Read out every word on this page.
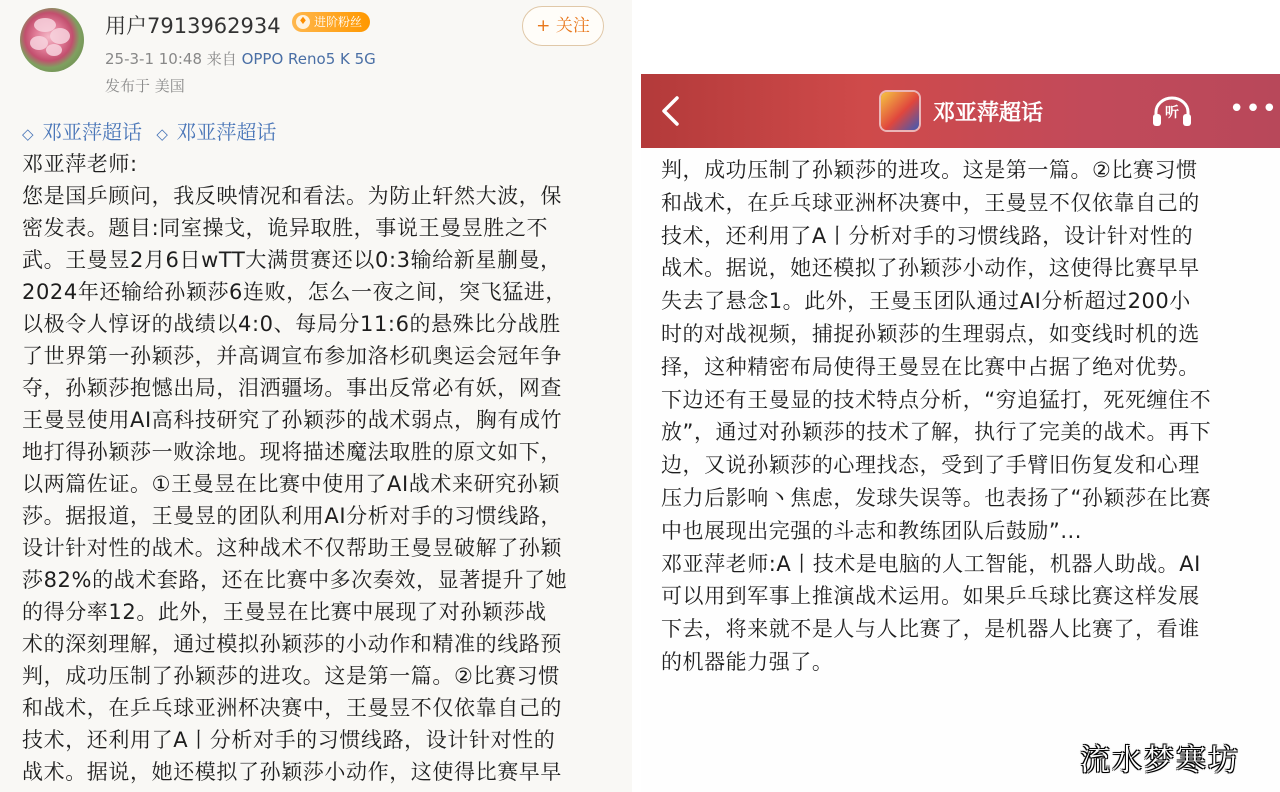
用户7913962934 ♦ 进阶粉丝	+ 关注
25-3-1 10:48 来自 OPPO Reno5 K 5G
发布于 美国
◇ 邓亚萍超话 ◇ 邓亚萍超话
邓亚萍老师:
您是国乒顾问，我反映情况和看法。为防止轩然大波，保
密发表。题目:同室操戈，诡异取胜，事说王曼昱胜之不
武。王曼昱2月6日wTT大满贯赛还以0:3输给新星蒯曼，
2024年还输给孙颖莎6连败，怎么一夜之间，突飞猛进，
以极令人惇讶的战绩以4:0、每局分11:6的悬殊比分战胜
了世界第一孙颖莎，并高调宣布参加洛杉矶奥运会冠年争
夺，孙颖莎抱憾出局，泪洒疆场。事出反常必有妖，网查
王曼昱使用AI高科技研究了孙颖莎的战术弱点，胸有成竹
地打得孙颖莎一败涂地。现将描述魔法取胜的原文如下，
以两篇佐证。①王曼昱在比赛中使用了AI战术来研究孙颖
莎。据报道，王曼昱的团队利用AI分析对手的习惯线路，
设计针对性的战术。这种战术不仅帮助王曼昱破解了孙颖
莎82%的战术套路，还在比赛中多次奏效，显著提升了她
的得分率12。此外，王曼昱在比赛中展现了对孙颖莎战
术的深刻理解，通过模拟孙颖莎的小动作和精准的线路预
判，成功压制了孙颖莎的进攻。这是第一篇。②比赛习惯
和战术，在乒乓球亚洲杯决赛中，王曼昱不仅依靠自己的
技术，还利用了A丨分析对手的习惯线路，设计针对性的
战术。据说，她还模拟了孙颖莎小动作，这使得比赛早早
邓亚萍超话	听 •••
判，成功压制了孙颖莎的进攻。这是第一篇。②比赛习惯
和战术，在乒乓球亚洲杯决赛中，王曼昱不仅依靠自己的
技术，还利用了A丨分析对手的习惯线路，设计针对性的
战术。据说，她还模拟了孙颖莎小动作，这使得比赛早早
失去了悬念1。此外，王曼玉团队通过AI分析超过200小
时的对战视频，捕捉孙颖莎的生理弱点，如变线时机的选
择，这种精密布局使得王曼昱在比赛中占据了绝对优势。
下边还有王曼显的技术特点分析，“穷追猛打，死死缠住不
放”，通过对孙颖莎的技术了解，执行了完美的战术。再下
边，又说孙颖莎的心理找态，受到了手臂旧伤复发和心理
压力后影响丶焦虑，发球失误等。也表扬了“孙颖莎在比赛
中也展现出完强的斗志和教练团队后鼓励”...
邓亚萍老师:A丨技术是电脑的人工智能，机器人助战。AI
可以用到军事上推演战术运用。如果乒乓球比赛这样发展
下去，将来就不是人与人比赛了，是机器人比赛了，看谁
的机器能力强了。
流水梦寒坊
